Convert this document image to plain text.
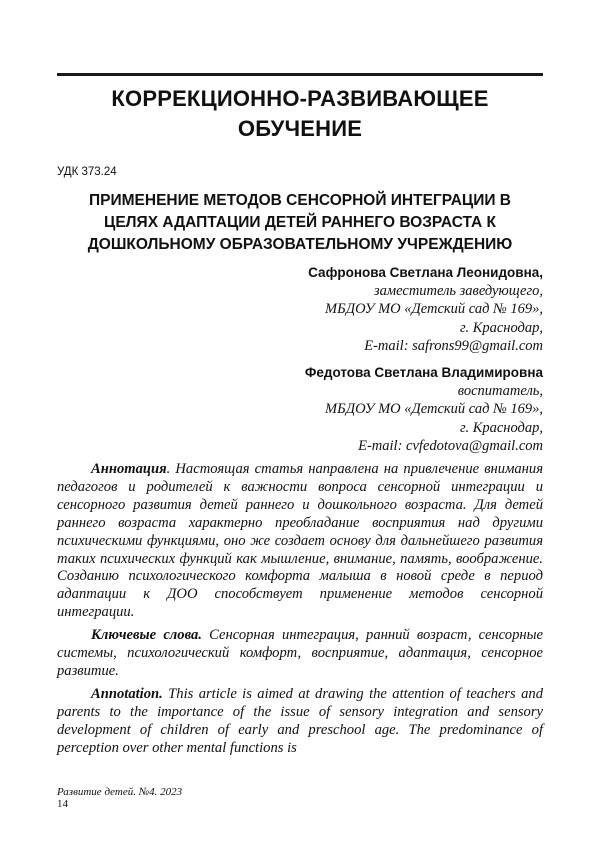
КОРРЕКЦИОННО-РАЗВИВАЮЩЕЕ
ОБУЧЕНИЕ
УДК 373.24
ПРИМЕНЕНИЕ МЕТОДОВ СЕНСОРНОЙ ИНТЕГРАЦИИ В
ЦЕЛЯХ АДАПТАЦИИ ДЕТЕЙ РАННЕГО ВОЗРАСТА К
ДОШКОЛЬНОМУ ОБРАЗОВАТЕЛЬНОМУ УЧРЕЖДЕНИЮ
Сафронова Светлана Леонидовна,
заместитель заведующего,
МБДОУ МО «Детский сад № 169»,
г. Краснодар,
E-mail: safrons99@gmail.com
Федотова Светлана Владимировна
воспитатель,
МБДОУ МО «Детский сад № 169»,
г. Краснодар,
E-mail: cvfedotova@gmail.com

Аннотация. Настоящая статья направлена на привлечение внимания педагогов и родителей к важности вопроса сенсорной интеграции и сенсорного развития детей раннего и дошкольного возраста. Для детей раннего возраста характерно преобладание восприятия над другими психическими функциями, оно же создает основу для дальнейшего развития таких психических функций как мышление, внимание, память, воображение. Созданию психологического комфорта малыша в новой среде в период адаптации к ДОО способствует применение методов сенсорной интеграции.

Ключевые слова. Сенсорная интеграция, ранний возраст, сенсорные системы, психологический комфорт, восприятие, адаптация, сенсорное развитие.

Annotation. This article is aimed at drawing the attention of teachers and parents to the importance of the issue of sensory integration and sensory development of children of early and preschool age. The predominance of perception over other mental functions is

Развитие детей. №4. 2023
14
